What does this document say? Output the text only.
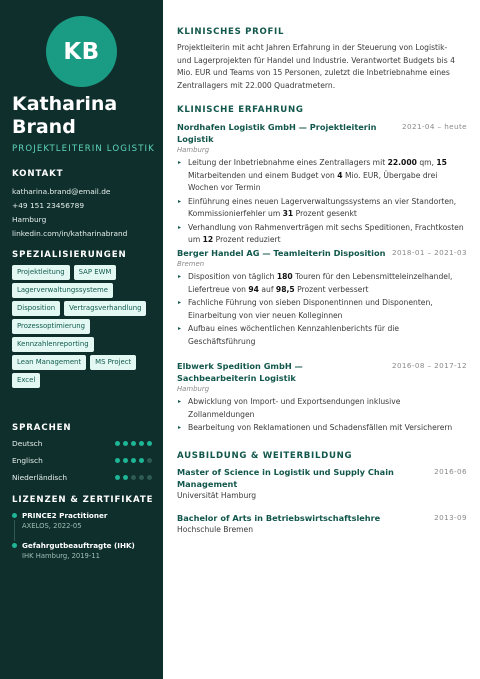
KB
Katharina
Brand
PROJEKTLEITERIN LOGISTIK
KONTAKT
katharina.brand@email.de
+49 151 23456789
Hamburg
linkedin.com/in/katharinabrand
SPEZIALISIERUNGEN
Projektleitung	SAP EWM
Lagerverwaltungssysteme
Disposition	Vertragsverhandlung
Prozessoptimierung
Kennzahlenreporting
Lean Management	MS Project
Excel
SPRACHEN
Deutsch
Englisch
Niederländisch
LIZENZEN & ZERTIFIKATE
PRINCE2 Practitioner
AXELOS, 2022-05
Gefahrgutbeauftragte (IHK)
IHK Hamburg, 2019-11
KLINISCHES PROFIL
Projektleiterin mit acht Jahren Erfahrung in der Steuerung von Logistik- und Lagerprojekten für Handel und Industrie. Verantwortet Budgets bis 4 Mio. EUR und Teams von 15 Personen, zuletzt die Inbetriebnahme eines Zentrallagers mit 22.000 Quadratmetern.
KLINISCHE ERFAHRUNG
Nordhafen Logistik GmbH — Projektleiterin Logistik
2021-04 – heute
Hamburg
▸ Leitung der Inbetriebnahme eines Zentrallagers mit 22.000 qm, 15 Mitarbeitenden und einem Budget von 4 Mio. EUR, Übergabe drei Wochen vor Termin
▸ Einführung eines neuen Lagerverwaltungssystems an vier Standorten, Kommissionierfehler um 31 Prozent gesenkt
▸ Verhandlung von Rahmenverträgen mit sechs Speditionen, Frachtkosten um 12 Prozent reduziert
Berger Handel AG — Teamleiterin Disposition 2018-01 – 2021-03
Bremen
▸ Disposition von täglich 180 Touren für den Lebensmitteleinzelhandel, Liefertreue von 94 auf 98,5 Prozent verbessert
▸ Fachliche Führung von sieben Disponentinnen und Disponenten, Einarbeitung von vier neuen Kolleginnen
▸ Aufbau eines wöchentlichen Kennzahlenberichts für die Geschäftsführung
Elbwerk Spedition GmbH — Sachbearbeiterin Logistik
2016-08 – 2017-12
Hamburg
▸ Abwicklung von Import- und Exportsendungen inklusive Zollanmeldungen
▸ Bearbeitung von Reklamationen und Schadensfällen mit Versicherern
AUSBILDUNG & WEITERBILDUNG
Master of Science in Logistik und Supply Chain Management
2016-06
Universität Hamburg
Bachelor of Arts in Betriebswirtschaftslehre	2013-09
Hochschule Bremen
